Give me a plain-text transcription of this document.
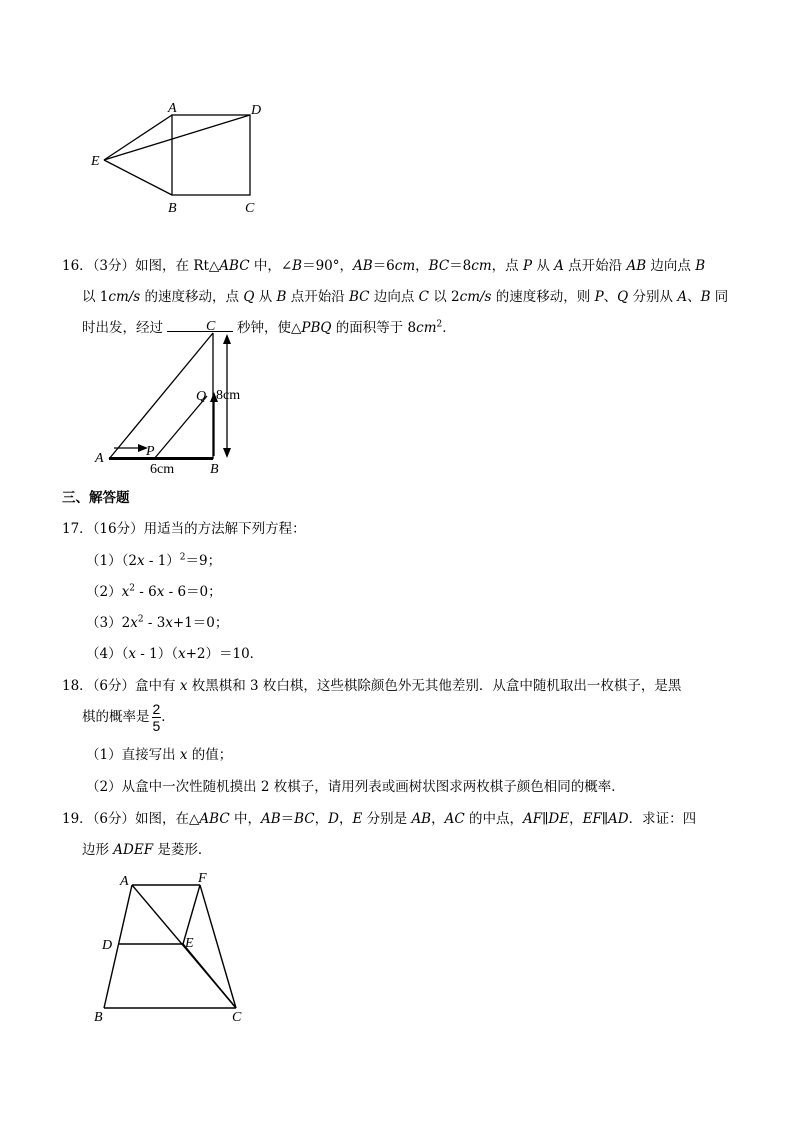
A	D
E
B	C
16．（3分）如图，在 Rt△ABC 中，∠B＝90°，AB＝6cm，BC＝8cm，点 P 从 A 点开始沿 AB 边向点 B
以 1cm/s 的速度移动，点 Q 从 B 点开始沿 BC 边向点 C 以 2cm/s 的速度移动，则 P、Q 分别从 A、B 同
时出发，经过	秒钟，使△PBQ 的面积等于 $8cm^2$．
C
Q
A	P
B
8cm
6cm
三、解答题
17．（16分）用适当的方法解下列方程：
（1）（2x - 1）$^2$＝9；
$(2)x^2 - 6x - 6=0$；
$(3)2x^2 - 3x+1=0$；
（4）（x - 1）（x+2）＝10．
18．（6分）盒中有 x 枚黑棋和 3 枚白棋，这些棋除颜色外无其他差别．从盒中随机取出一枚棋子，是黑
棋的概率是 $\frac{2}{5}$ ．
（1）直接写出 x 的值；
（2）从盒中一次性随机摸出 2 枚棋子，请用列表或画树状图求两枚棋子颜色相同的概率．
19．（6分）如图，在△ABC 中，AB＝BC，D，E 分别是 AB，AC 的中点，AF∥DE，EF∥AD．求证：四
边形 ADEF 是菱形．
A	F
D	E
B	C
